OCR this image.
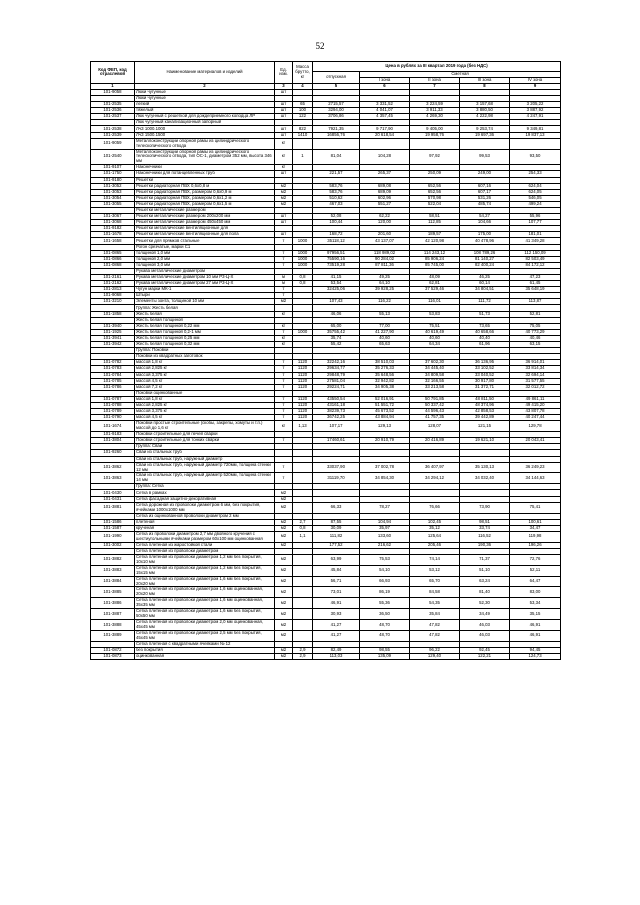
52
Код ФЕП, код отраслевой	Наименование материалов и изделий	Ед. изм.	Масса брутто, кг	Цена в рублях за III квартал 2019 года (без НДС)				
				отпускная	Сметная			
					I зона	II зона	III зона	IV зона
1	2	3	4	5	6	7	8	9
101-9058	Люки чугунные	шт						
	Люки чугунные							
101-2535	легкий	шт	65	2715,57	3 331,52	3 224,59	3 157,68	3 205,22
101-2536	тяжелый	шт	100	3294,00	4 041,07	3 911,33	3 880,50	3 887,92
101-2537	Люк чугунный с решеткой для дождеприемного колодца ЛР	шт	122	3706,86	4 357,45	4 269,30	4 222,98	4 247,91
	Люк чугунный канализационный запорный							
101-2538	ЛчЗ 1000.1000	шт	822	7921,35	9 717,90	9 405,00	9 253,74	9 349,81
101-2539	ЛчЗ 1500.1500	шт	1410	16856,76	20 618,54	19 958,76	19 697,36	19 837,13
101-9059	Металлоконструкции опорной рамы из цилиндрического телескопического отвода	кг						
101-2540	Металлоконструкции опорной рамы из цилиндрического телескопического отвода, тип ОС-1, диаметром 352 мм, высота 346 мм	кг	1	81,04	104,28	97,92	99,53	93,50
101-9107	Наконечники	кг						
101-1750	Наконечники для потанцевленных труб	шт		221,57	265,37	250,09	249,00	254,33
101-9180	Решетки							
101-3052	Решетки радиаторная ПВХ 0,6х0,8 м	м2		583,76	689,08	652,56	607,16	624,04
101-3053	Решетки радиаторная ПВХ, размером 0,6х0,9 м	м2		583,76	689,09	652,56	607,17	624,05
101-3054	Решетки радиаторная ПВХ, размером 0,6х1,2 м	м2		510,62	602,96	570,98	531,26	546,05
101-3055	Решетки радиаторная ПВХ, размером 0,6х1,5 м	м2		467,03	551,27	522,04	485,74	499,24
	Решетки металлические размером							
101-3067	Решетки металлические размером 200х200 мм	шт		52,08	62,22	58,51	54,27	55,96
101-3068	Решетки металлические размером 450х450 мм	шт		100,44	120,00	112,85	104,66	107,77
101-9182	Решетки металлические вентиляционные для							
101-1678	Решетки металлические вентиляционные для пола	шт		168,72	201,60	189,57	175,00	181,01
101-1658	Решетки для прямков стальные	т	1000	35118,12	43 137,07	42 120,98	40 478,96	41 349,28
	Рогон срезчатые, марки С1							
101-0865	толщиной 1,0 мм	т	1000	97956,51	118 989,02	114 243,12	108 789,26	112 150,09
101-0866	толщиной 2,0 мм	т	1000	75590,16	90 284,02	85 906,24	81 140,27	82 503,49
101-0868	толщиной 3,0 мм	т	1000	73519,28	87 811,36	85 745,00	82 400,24	84 172,12
	Рукава металлические диаметром							
101-2161	Рукава металлические диаметром 10 мм Р3-Ц-Х	м	0,8	41,15	49,25	48,09	46,25	47,23
101-2162	Рукава металлические диаметром 27 мм Р3-Ц-Х	м	0,8	53,54	64,10	62,81	60,14	61,45
101-2813	Чугун марки МК-1	т		32425,06	39 928,25	37 529,46	34 804,51	35 648,19
101-9068	Штыри	т						
101-3210	Элементы зонта, толщиной 10 мм	м2		107,43	116,22	116,01	111,72	113,87
	Группа: Жесть белая							
101-1858	Жесть белая	кг		46,06	55,13	53,83	51,73	52,81
	Жесть белая толщиной							
101-3940	Жесть белая толщиной 0,22 мм	кг		65,00	77,00	75,51	73,65	75,05
101-1925	Жесть белая толщиной 0,2-1 мм	т	1000	35755,42	41 227,90	40 619,49	40 658,66	40 773,29
101-3941	Жесть белая толщиной 0,25 мм	кг		35,74	40,60	40,60	40,40	40,46
101-3942	Жесть белая толщиной 0,32 мм	кг		55,42	65,63	64,34	61,96	63,15
	Группа: Поковки							
	Поковки из квадратных заготовок							
101-0782	массой 1,8 кг	т	1120	32242,16	38 510,03	37 602,30	36 136,95	36 914,01
101-0783	массой 2,825 кг	т	1120	29634,77	35 276,33	34 445,40	33 102,52	33 814,34
101-0784	массой 3,375 кг	т	1120	29848,79	35 648,56	34 809,58	33 040,52	32 694,14
101-0785	массой 4,5 кг	т	1120	27581,04	32 942,82	32 166,55	30 917,80	31 577,55
101-0786	массой 7,2 кг	т	1120	29224,71	34 905,38	33 213,58	31 372,71	32 012,72
	Поковки оцинкованные							
101-0787	массой 1,8 кг	т	1120	43550,54	52 016,91	50 791,85	48 811,50	49 861,11
101-0788	массой 2,825 кг	т	1120	43161,18	51 551,72	50 337,42	48 374,96	49 415,20
101-0789	массой 3,375 кг	т	1120	38239,73	45 673,52	44 596,43	42 858,53	43 807,78
101-0790	массой 4,5 кг	т	1120	36742,25	43 884,94	41 757,35	39 442,89	40 247,44
101-1674	Поковки простые строительные (скобы, закрепы, хомуты и т.п.) массой до 1,6 кг	кг	1,13	107,17	129,13	128,07	121,15	129,78
101-9183	Поковки строительные для печей сварки							
101-3804	Поковки строительные для тонких сварки	т		17460,61	20 910,79	20 416,89	19 621,10	20 043,41
	Группа: Сваи							
101-9260	Сваи из стальных труб							
	Сваи из стальных труб, наружный диаметр							
101-3862	Сваи из стальных труб, наружный диаметр 720мм, толщина стенки 12 мм	т		33037,90	37 002,78	36 407,97	35 130,13	36 249,23
101-3863	Сваи из стальных труб, наружный диаметр 520мм, толщина стенки 14 мм	т		31119,70	34 854,30	34 294,12	34 032,40	34 144,63
	Группа: Сетка							
101-0430	Сетка в рамках	м2						
101-0431	Сетка фасадная защитно-декоративная	м2						
101-3881	Сетка дорожная из проволоки диаметром 6 мм, без покрытия, ячейками 1000х1000 мм	м2		66,33	78,27	76,66	73,90	75,41
	Сетка из оцинкованной проволоки диаметром 2 мм							
101-1586	плетеная	м2	2,7	87,55	104,94	102,45	98,51	100,61
101-1587	крученая	м2	0,8	30,09	35,97	35,12	33,74	34,47
101-1990	Сетка из проволоки диаметром 2,7 мм двойного кручения с шестиугольными ячейками размером 60х100 мм оцинкованная	м2	1,1	111,82	133,60	125,64	116,52	119,98
101-3002	Сетка плетеная из жаростойкой стали	м2		177,52	216,62	205,46	190,36	196,26
	Сетка плетеная из проволоки диаметром							
101-3882	Сетка плетеная из проволоки диаметром 1,2 мм без покрытия, 10х10 мм	м2		63,99	75,53	74,14	71,37	72,76
101-3883	Сетка плетеная из проволоки диаметром 1,2 мм без покрытия, 15х15 мм	м2		45,84	54,10	53,12	51,10	52,11
101-3884	Сетка плетеная из проволоки диаметром 1,6 мм без покрытия, 20х20 мм	м2		56,71	66,93	65,70	63,24	64,47
101-3885	Сетка плетеная из проволоки диаметром 1,6 мм оцинкованная, 20х20 мм	м2		73,01	86,19	84,58	81,40	83,00
101-3886	Сетка плетеная из проволоки диаметром 1,6 мм оцинкованная, 35х35 мм	м2		46,91	55,36	54,35	52,30	53,34
101-3887	Сетка плетеная из проволоки диаметром 1,6 мм без покрытия, 50х50 мм	м2		30,93	36,50	35,84	34,49	35,15
101-3888	Сетка плетеная из проволоки диаметром 2,0 мм оцинкованная, 45х45 мм	м2		41,27	48,70	47,82	46,03	46,91
101-3889	Сетка плетеная из проволоки диаметром 2,5 мм без покрытия, 45х45 мм	м2		41,27	48,70	47,82	46,03	46,91
	Сетка плетеная с квадратными ячейками № 12							
101-0872	без покрытия	м2	2,9	82,49	98,55	96,22	92,45	94,45
101-0873	оцинкованная	м2	2,9	113,03	135,09	129,40	122,21	124,73
